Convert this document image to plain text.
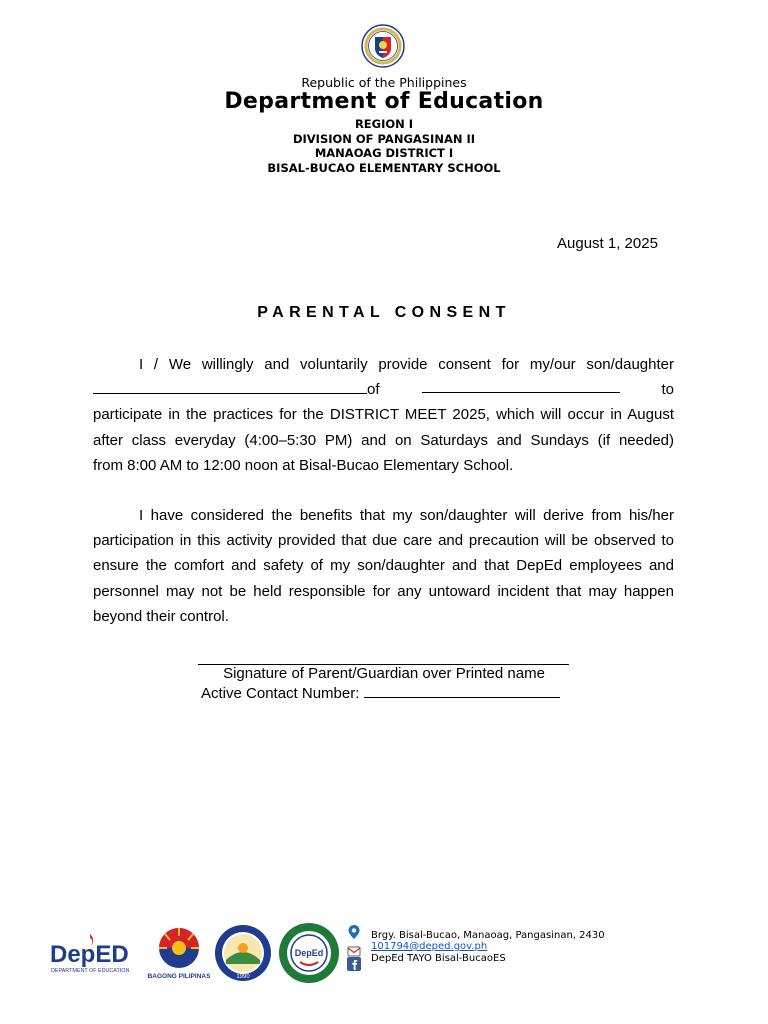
Republic of the Philippines
Department of Education
REGION I
DIVISION OF PANGASINAN II
MANAOAG DISTRICT I
BISAL-BUCAO ELEMENTARY SCHOOL
August 1, 2025
PARENTAL CONSENT
I / We willingly and voluntarily provide consent for my/our son/daughter
of	to
participate in the practices for the DISTRICT MEET 2025, which will occur in August
after class everyday (4:00–5:30 PM) and on Saturdays and Sundays (if needed)
from 8:00 AM to 12:00 noon at Bisal-Bucao Elementary School.
I have considered the benefits that my son/daughter will derive from his/her
participation in this activity provided that due care and precaution will be observed to
ensure the comfort and safety of my son/daughter and that DepEd employees and
personnel may not be held responsible for any untoward incident that may happen
beyond their control.
Signature of Parent/Guardian over Printed name
Active Contact Number:
DepED
DEPARTMENT OF EDUCATION
BAGONG PILIPINAS	1990
DepEd
Brgy. Bisal-Bucao, Manaoag, Pangasinan, 2430
101794@deped.gov.ph
DepEd TAYO Bisal-BucaoES
